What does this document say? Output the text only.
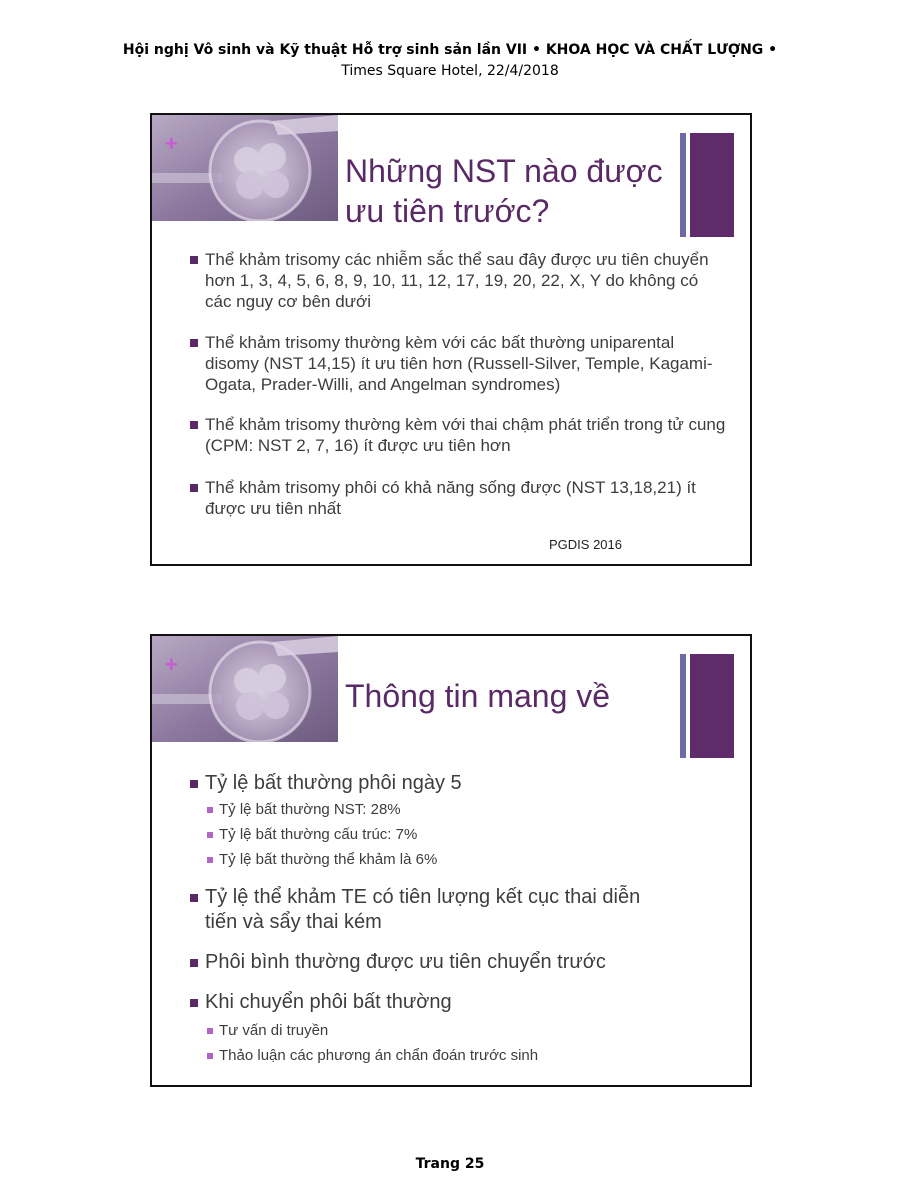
Hội nghị Vô sinh và Kỹ thuật Hỗ trợ sinh sản lần VII • KHOA HỌC VÀ CHẤT LƯỢNG •
Times Square Hotel, 22/4/2018
+
Những NST nào được ưu tiên trước?
Thể khảm trisomy các nhiễm sắc thể sau đây được ưu tiên chuyển hơn 1, 3, 4, 5, 6, 8, 9, 10, 11, 12, 17, 19, 20, 22, X, Y do không có các nguy cơ bên dưới
Thể khảm trisomy thường kèm với các bất thường uniparental disomy (NST 14,15) ít ưu tiên hơn (Russell-Silver, Temple, Kagami-Ogata, Prader-Willi, and Angelman syndromes)
Thể khảm trisomy thường kèm với thai chậm phát triển trong tử cung (CPM: NST 2, 7, 16) ít được ưu tiên hơn
Thể khảm trisomy phôi có khả năng sống được (NST 13,18,21) ít được ưu tiên nhất
PGDIS 2016
+
Thông tin mang về
Tỷ lệ bất thường phôi ngày 5
Tỷ lệ bất thường NST: 28%
Tỷ lệ bất thường cấu trúc: 7%
Tỷ lệ bất thường thể khảm là 6%
Tỷ lệ thể khảm TE có tiên lượng kết cục thai diễn tiến và sẩy thai kém
Phôi bình thường được ưu tiên chuyển trước
Khi chuyển phôi bất thường
Tư vấn di truyền
Thảo luận các phương án chẩn đoán trước sinh
Trang 25
